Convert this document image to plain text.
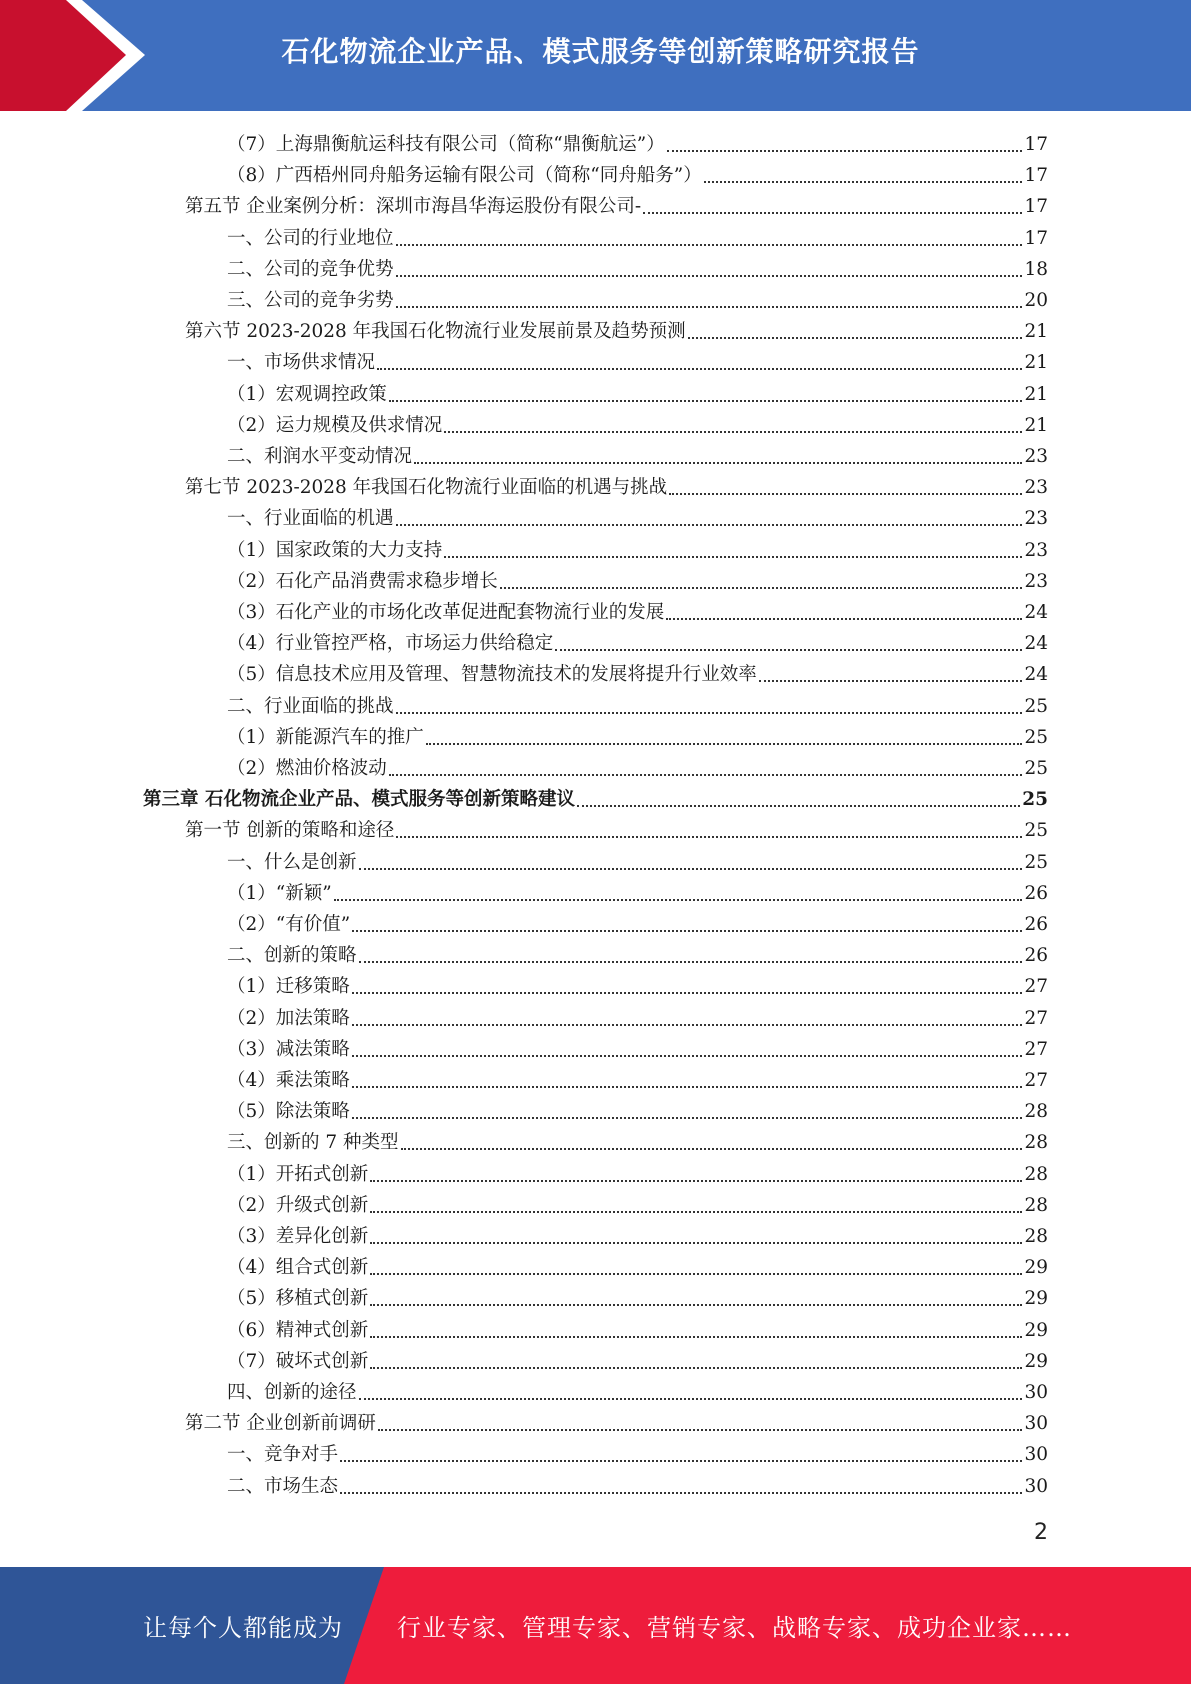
石化物流企业产品、模式服务等创新策略研究报告
（7）上海鼎衡航运科技有限公司（简称“鼎衡航运”）	17
（8）广西梧州同舟船务运输有限公司（简称“同舟船务”）	17
第五节 企业案例分析：深圳市海昌华海运股份有限公司-	17
一、公司的行业地位	17
二、公司的竞争优势	18
三、公司的竞争劣势	20
第六节 2023-2028 年我国石化物流行业发展前景及趋势预测	21
一、市场供求情况	21
（1）宏观调控政策	21
（2）运力规模及供求情况	21
二、利润水平变动情况	23
第七节 2023-2028 年我国石化物流行业面临的机遇与挑战	23
一、行业面临的机遇	23
（1）国家政策的大力支持	23
（2）石化产品消费需求稳步增长	23
（3）石化产业的市场化改革促进配套物流行业的发展	24
（4）行业管控严格，市场运力供给稳定	24
（5）信息技术应用及管理、智慧物流技术的发展将提升行业效率	24
二、行业面临的挑战	25
（1）新能源汽车的推广	25
（2）燃油价格波动	25
第三章 石化物流企业产品、模式服务等创新策略建议	25
第一节 创新的策略和途径	25
一、什么是创新	25
（1）“新颖”	26
（2）“有价值”	26
二、创新的策略	26
（1）迁移策略	27
（2）加法策略	27
（3）减法策略	27
（4）乘法策略	27
（5）除法策略	28
三、创新的 7 种类型	28
（1）开拓式创新	28
（2）升级式创新	28
（3）差异化创新	28
（4）组合式创新	29
（5）移植式创新	29
（6）精神式创新	29
（7）破坏式创新	29
四、创新的途径	30
第二节 企业创新前调研	30
一、竞争对手	30
二、市场生态	30
2
让每个人都能成为 行业专家、管理专家、营销专家、战略专家、成功企业家……
